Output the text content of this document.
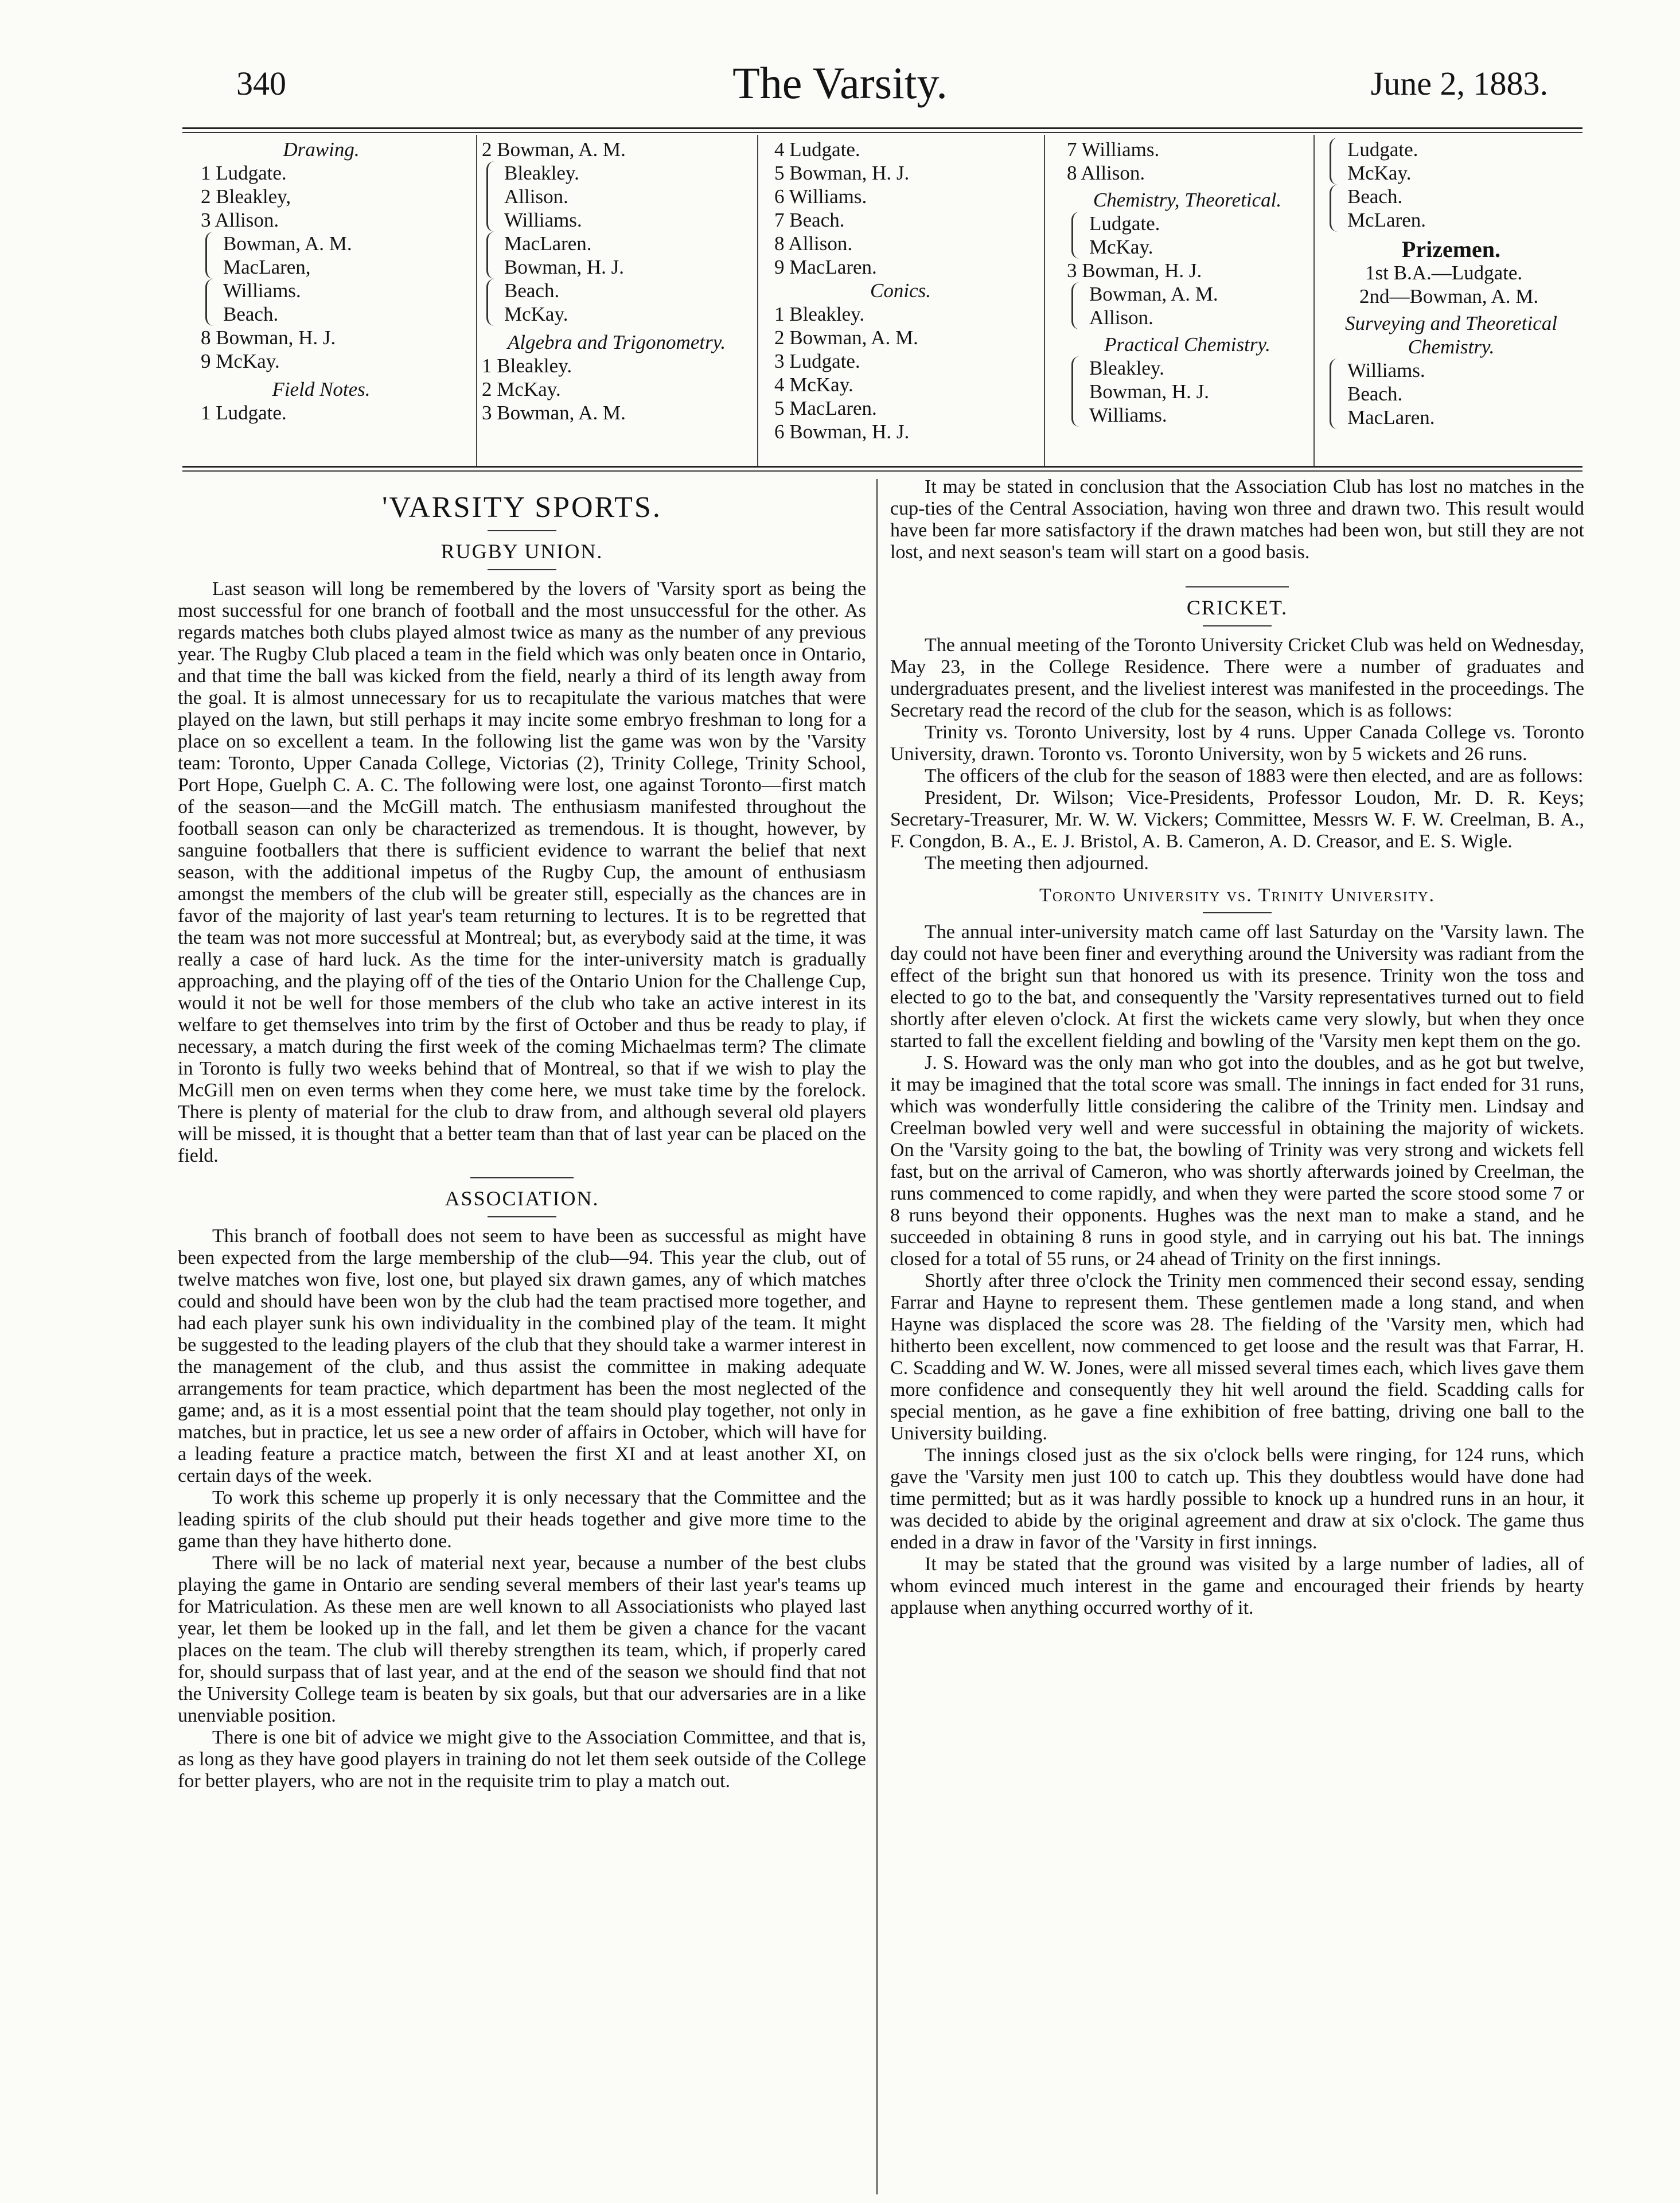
340	The Varsity.	June 2, 1883.
Drawing.
1 Ludgate.
2 Bleakley,
3 Allison.
Bowman, A. M.
MacLaren,
Williams.
Beach.
8 Bowman, H. J.
9 McKay.
Field Notes.
1 Ludgate.
2 Bowman, A. M.
Bleakley.
Allison.
Williams.
MacLaren.
Bowman, H. J.
Beach.
McKay.
Algebra and Trigonometry.
1 Bleakley.
2 McKay.
3 Bowman, A. M.
4 Ludgate.
5 Bowman, H. J.
6 Williams.
7 Beach.
8 Allison.
9 MacLaren.
Conics.
1 Bleakley.
2 Bowman, A. M.
3 Ludgate.
4 McKay.
5 MacLaren.
6 Bowman, H. J.
7 Williams.
8 Allison.
Chemistry, Theoretical.
Ludgate.
McKay.
3 Bowman, H. J.
Bowman, A. M.
Allison.
Practical Chemistry.
Bleakley.
Bowman, H. J.
Williams.
Ludgate.
McKay.
Beach.
McLaren.
Prizemen.
1st B.A.—Ludgate.
2nd—Bowman, A. M.
Surveying and Theoretical Chemistry.
Williams.
Beach.
MacLaren.
'VARSITY SPORTS.
RUGBY UNION.

Last season will long be remembered by the lovers of 'Varsity sport as being the most successful for one branch of football and the most unsuccessful for the other. As regards matches both clubs played almost twice as many as the number of any previous year. The Rugby Club placed a team in the field which was only beaten once in Ontario, and that time the ball was kicked from the field, nearly a third of its length away from the goal. It is almost unnecessary for us to recapitulate the various matches that were played on the lawn, but still perhaps it may incite some embryo freshman to long for a place on so excellent a team. In the following list the game was won by the 'Varsity team: Toronto, Upper Canada College, Victorias (2), Trinity College, Trinity School, Port Hope, Guelph C. A. C. The following were lost, one against Toronto—first match of the season—and the McGill match. The enthusiasm manifested throughout the football season can only be characterized as tremendous. It is thought, however, by sanguine footballers that there is sufficient evidence to warrant the belief that next season, with the additional impetus of the Rugby Cup, the amount of enthusiasm amongst the members of the club will be greater still, especially as the chances are in favor of the majority of last year's team returning to lectures. It is to be regretted that the team was not more successful at Montreal; but, as everybody said at the time, it was really a case of hard luck. As the time for the inter-university match is gradually approaching, and the playing off of the ties of the Ontario Union for the Challenge Cup, would it not be well for those members of the club who take an active interest in its welfare to get themselves into trim by the first of October and thus be ready to play, if necessary, a match during the first week of the coming Michaelmas term? The climate in Toronto is fully two weeks behind that of Montreal, so that if we wish to play the McGill men on even terms when they come here, we must take time by the forelock. There is plenty of material for the club to draw from, and although several old players will be missed, it is thought that a better team than that of last year can be placed on the field.

ASSOCIATION.

This branch of football does not seem to have been as successful as might have been expected from the large membership of the club—94. This year the club, out of twelve matches won five, lost one, but played six drawn games, any of which matches could and should have been won by the club had the team practised more together, and had each player sunk his own individuality in the combined play of the team. It might be suggested to the leading players of the club that they should take a warmer interest in the management of the club, and thus assist the committee in making adequate arrangements for team practice, which department has been the most neglected of the game; and, as it is a most essential point that the team should play together, not only in matches, but in practice, let us see a new order of affairs in October, which will have for a leading feature a practice match, between the first XI and at least another XI, on certain days of the week.

To work this scheme up properly it is only necessary that the Committee and the leading spirits of the club should put their heads together and give more time to the game than they have hitherto done.

There will be no lack of material next year, because a number of the best clubs playing the game in Ontario are sending several members of their last year's teams up for Matriculation. As these men are well known to all Associationists who played last year, let them be looked up in the fall, and let them be given a chance for the vacant places on the team. The club will thereby strengthen its team, which, if properly cared for, should surpass that of last year, and at the end of the season we should find that not the University College team is beaten by six goals, but that our adversaries are in a like unenviable position.

There is one bit of advice we might give to the Association Committee, and that is, as long as they have good players in training do not let them seek outside of the College for better players, who are not in the requisite trim to play a match out.

It may be stated in conclusion that the Association Club has lost no matches in the cup-ties of the Central Association, having won three and drawn two. This result would have been far more satisfactory if the drawn matches had been won, but still they are not lost, and next season's team will start on a good basis.

CRICKET.

The annual meeting of the Toronto University Cricket Club was held on Wednesday, May 23, in the College Residence. There were a number of graduates and undergraduates present, and the liveliest interest was manifested in the proceedings. The Secretary read the record of the club for the season, which is as follows:

Trinity vs. Toronto University, lost by 4 runs. Upper Canada College vs. Toronto University, drawn. Toronto vs. Toronto University, won by 5 wickets and 26 runs.

The officers of the club for the season of 1883 were then elected, and are as follows:

President, Dr. Wilson; Vice-Presidents, Professor Loudon, Mr. D. R. Keys; Secretary-Treasurer, Mr. W. W. Vickers; Committee, Messrs W. F. W. Creelman, B. A., F. Congdon, B. A., E. J. Bristol, A. B. Cameron, A. D. Creasor, and E. S. Wigle.

The meeting then adjourned.

Toronto University vs. Trinity University.

The annual inter-university match came off last Saturday on the 'Varsity lawn. The day could not have been finer and everything around the University was radiant from the effect of the bright sun that honored us with its presence. Trinity won the toss and elected to go to the bat, and consequently the 'Varsity representatives turned out to field shortly after eleven o'clock. At first the wickets came very slowly, but when they once started to fall the excellent fielding and bowling of the 'Varsity men kept them on the go.

J. S. Howard was the only man who got into the doubles, and as he got but twelve, it may be imagined that the total score was small. The innings in fact ended for 31 runs, which was wonderfully little considering the calibre of the Trinity men. Lindsay and Creelman bowled very well and were successful in obtaining the majority of wickets. On the 'Varsity going to the bat, the bowling of Trinity was very strong and wickets fell fast, but on the arrival of Cameron, who was shortly afterwards joined by Creelman, the runs commenced to come rapidly, and when they were parted the score stood some 7 or 8 runs beyond their opponents. Hughes was the next man to make a stand, and he succeeded in obtaining 8 runs in good style, and in carrying out his bat. The innings closed for a total of 55 runs, or 24 ahead of Trinity on the first innings.

Shortly after three o'clock the Trinity men commenced their second essay, sending Farrar and Hayne to represent them. These gentlemen made a long stand, and when Hayne was displaced the score was 28. The fielding of the 'Varsity men, which had hitherto been excellent, now commenced to get loose and the result was that Farrar, H. C. Scadding and W. W. Jones, were all missed several times each, which lives gave them more confidence and consequently they hit well around the field. Scadding calls for special mention, as he gave a fine exhibition of free batting, driving one ball to the University building.

The innings closed just as the six o'clock bells were ringing, for 124 runs, which gave the 'Varsity men just 100 to catch up. This they doubtless would have done had time permitted; but as it was hardly possible to knock up a hundred runs in an hour, it was decided to abide by the original agreement and draw at six o'clock. The game thus ended in a draw in favor of the 'Varsity in first innings.

It may be stated that the ground was visited by a large number of ladies, all of whom evinced much interest in the game and encouraged their friends by hearty applause when anything occurred worthy of it.
